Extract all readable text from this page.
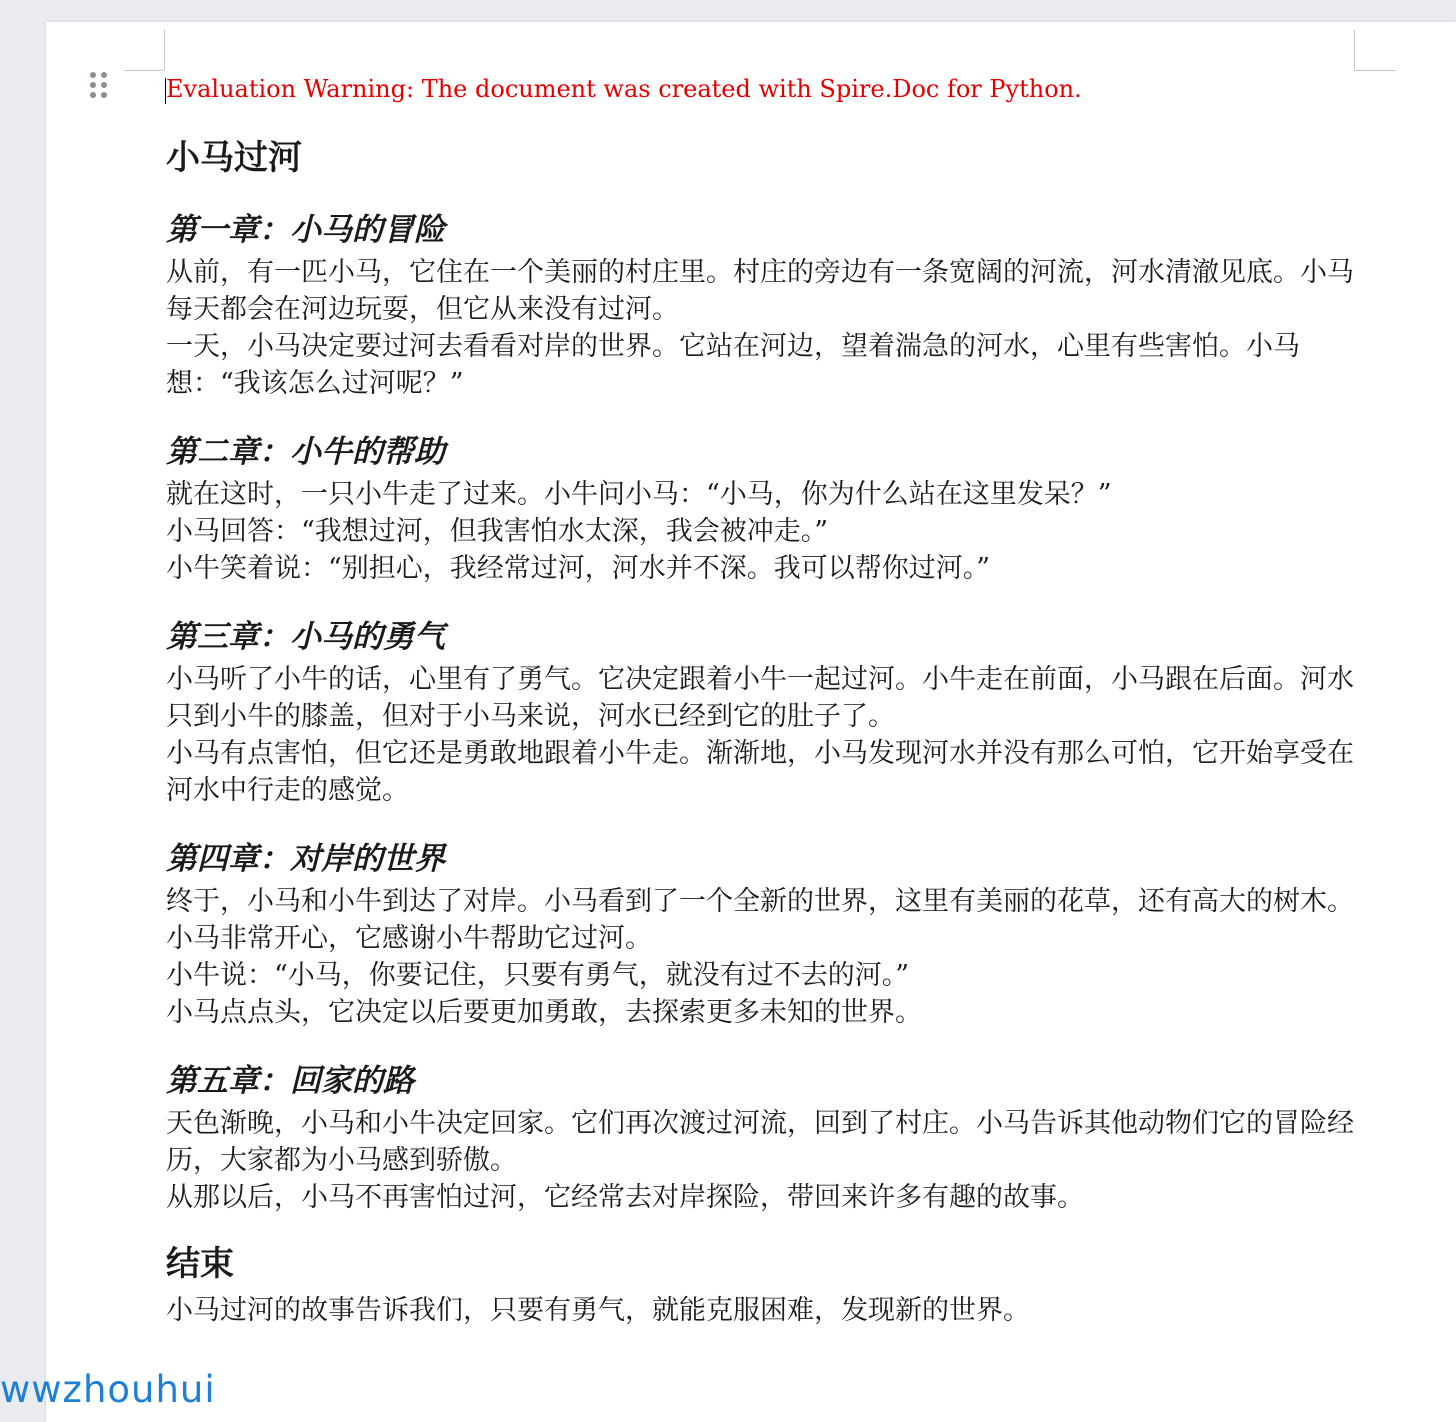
Evaluation Warning: The document was created with Spire.Doc for Python.

小马过河
第一章：小马的冒险

从前，有一匹小马，它住在一个美丽的村庄里。村庄的旁边有一条宽阔的河流，河水清澈见底。小马每天都会在河边玩耍，但它从来没有过河。

一天，小马决定要过河去看看对岸的世界。它站在河边，望着湍急的河水，心里有些害怕。小马想：“我该怎么过河呢？”

第二章：小牛的帮助

就在这时，一只小牛走了过来。小牛问小马：“小马，你为什么站在这里发呆？”

小马回答：“我想过河，但我害怕水太深，我会被冲走。”

小牛笑着说：“别担心，我经常过河，河水并不深。我可以帮你过河。”

第三章：小马的勇气

小马听了小牛的话，心里有了勇气。它决定跟着小牛一起过河。小牛走在前面，小马跟在后面。河水只到小牛的膝盖，但对于小马来说，河水已经到它的肚子了。

小马有点害怕，但它还是勇敢地跟着小牛走。渐渐地，小马发现河水并没有那么可怕，它开始享受在河水中行走的感觉。

第四章：对岸的世界

终于，小马和小牛到达了对岸。小马看到了一个全新的世界，这里有美丽的花草，还有高大的树木。小马非常开心，它感谢小牛帮助它过河。

小牛说：“小马，你要记住，只要有勇气，就没有过不去的河。”

小马点点头，它决定以后要更加勇敢，去探索更多未知的世界。

第五章：回家的路

天色渐晚，小马和小牛决定回家。它们再次渡过河流，回到了村庄。小马告诉其他动物们它的冒险经历，大家都为小马感到骄傲。

从那以后，小马不再害怕过河，它经常去对岸探险，带回来许多有趣的故事。

结束

小马过河的故事告诉我们，只要有勇气，就能克服困难，发现新的世界。

wwzhouhui
